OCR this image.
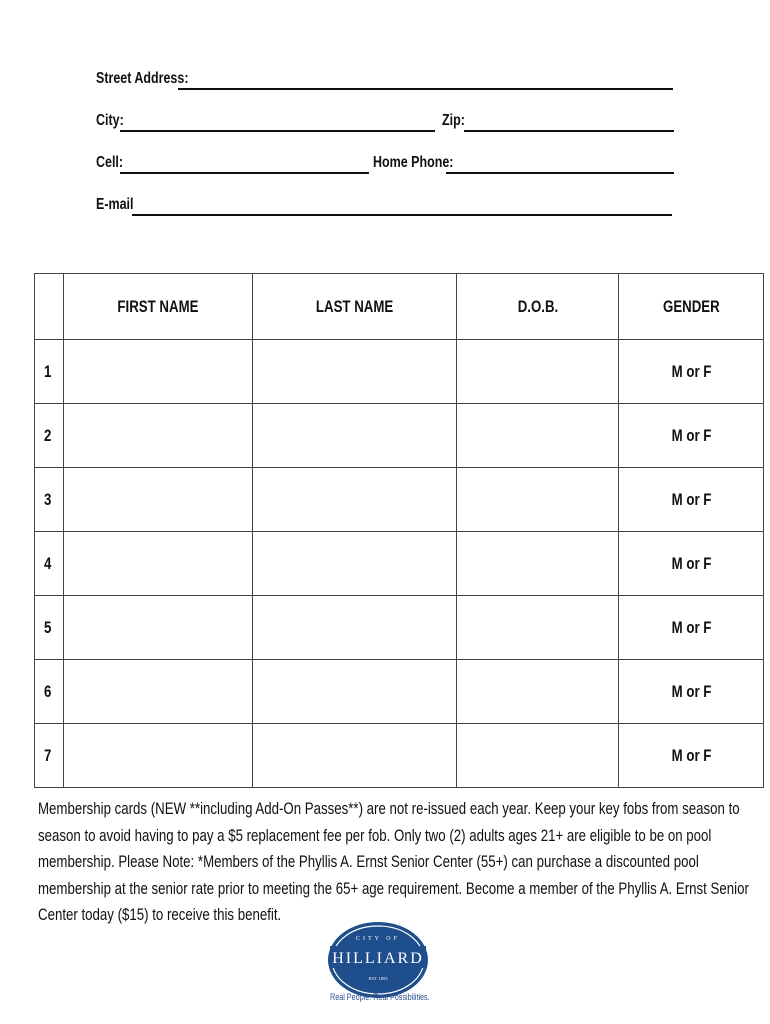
Street Address:
City:	Zip:
Cell:	Home Phone:
E-mail
	FIRST NAME	LAST NAME	D.O.B.	GENDER
1				M or F
2				M or F
3				M or F
4				M or F
5				M or F
6				M or F
7				M or F
Membership cards (NEW **including Add-On Passes**) are not re-issued each year. Keep your key fobs from season to season to avoid having to pay a $5 replacement fee per fob. Only two (2) adults ages 21+ are eligible to be on pool membership. Please Note: *Members of the Phyllis A. Ernst Senior Center (55+) can purchase a discounted pool membership at the senior rate prior to meeting the 65+ age requirement. Become a member of the Phyllis A. Ernst Senior Center today ($15) to receive this benefit.
CITY OF
HILLIARD
EST. 1853
Real People. Real Possibilities.
